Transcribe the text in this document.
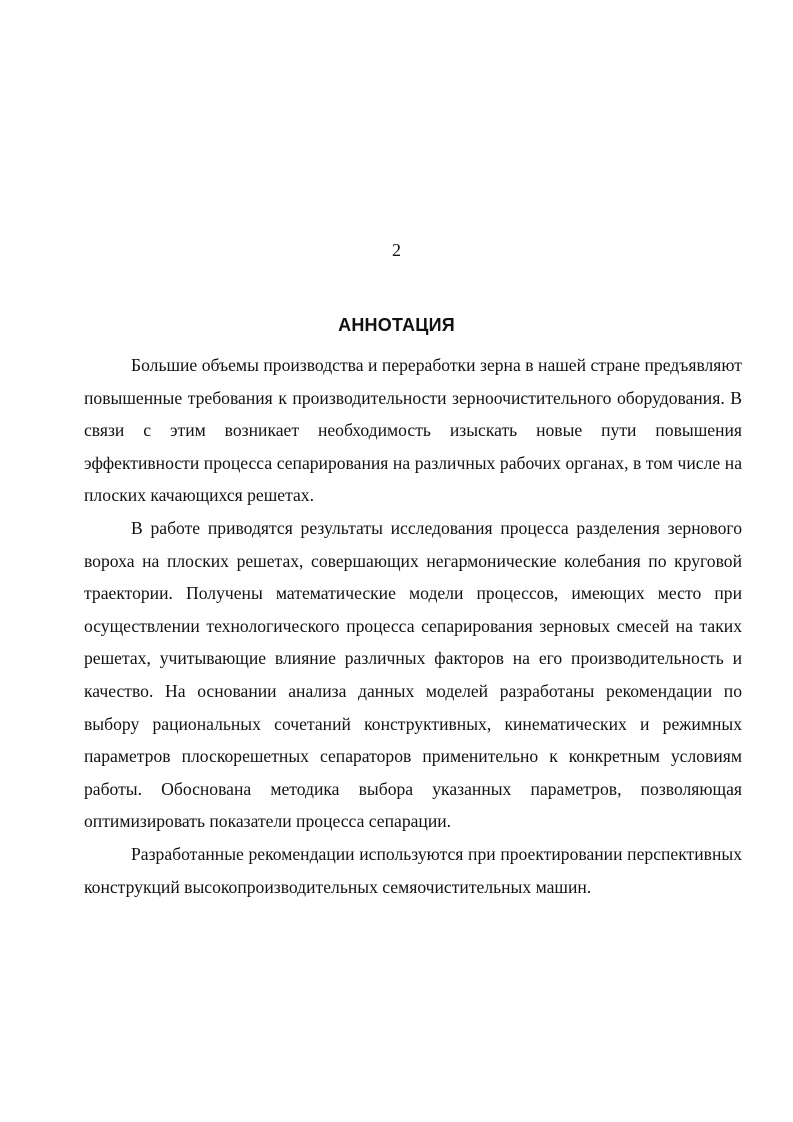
2
АННОТАЦИЯ

Большие объемы производства и переработки зерна в нашей стране предъявляют повышенные требования к производительности зерноочистительного оборудования. В связи с этим возникает необходимость изыскать новые пути повышения эффективности процесса сепарирования на различных рабочих органах, в том числе на плоских качающихся решетах.

В работе приводятся результаты исследования процесса разделения зернового вороха на плоских решетах, совершающих негармонические колебания по круговой траектории. Получены математические модели процессов, имеющих место при осуществлении технологического процесса сепарирования зерновых смесей на таких решетах, учитывающие влияние различных факторов на его производительность и качество. На основании анализа данных моделей разработаны рекомендации по выбору рациональных сочетаний конструктивных, кинематических и режимных параметров плоскорешетных сепараторов применительно к конкретным условиям работы. Обоснована методика выбора указанных параметров, позволяющая оптимизировать показатели процесса сепарации.

Разработанные рекомендации используются при проектировании перспективных конструкций высокопроизводительных семяочистительных машин.
